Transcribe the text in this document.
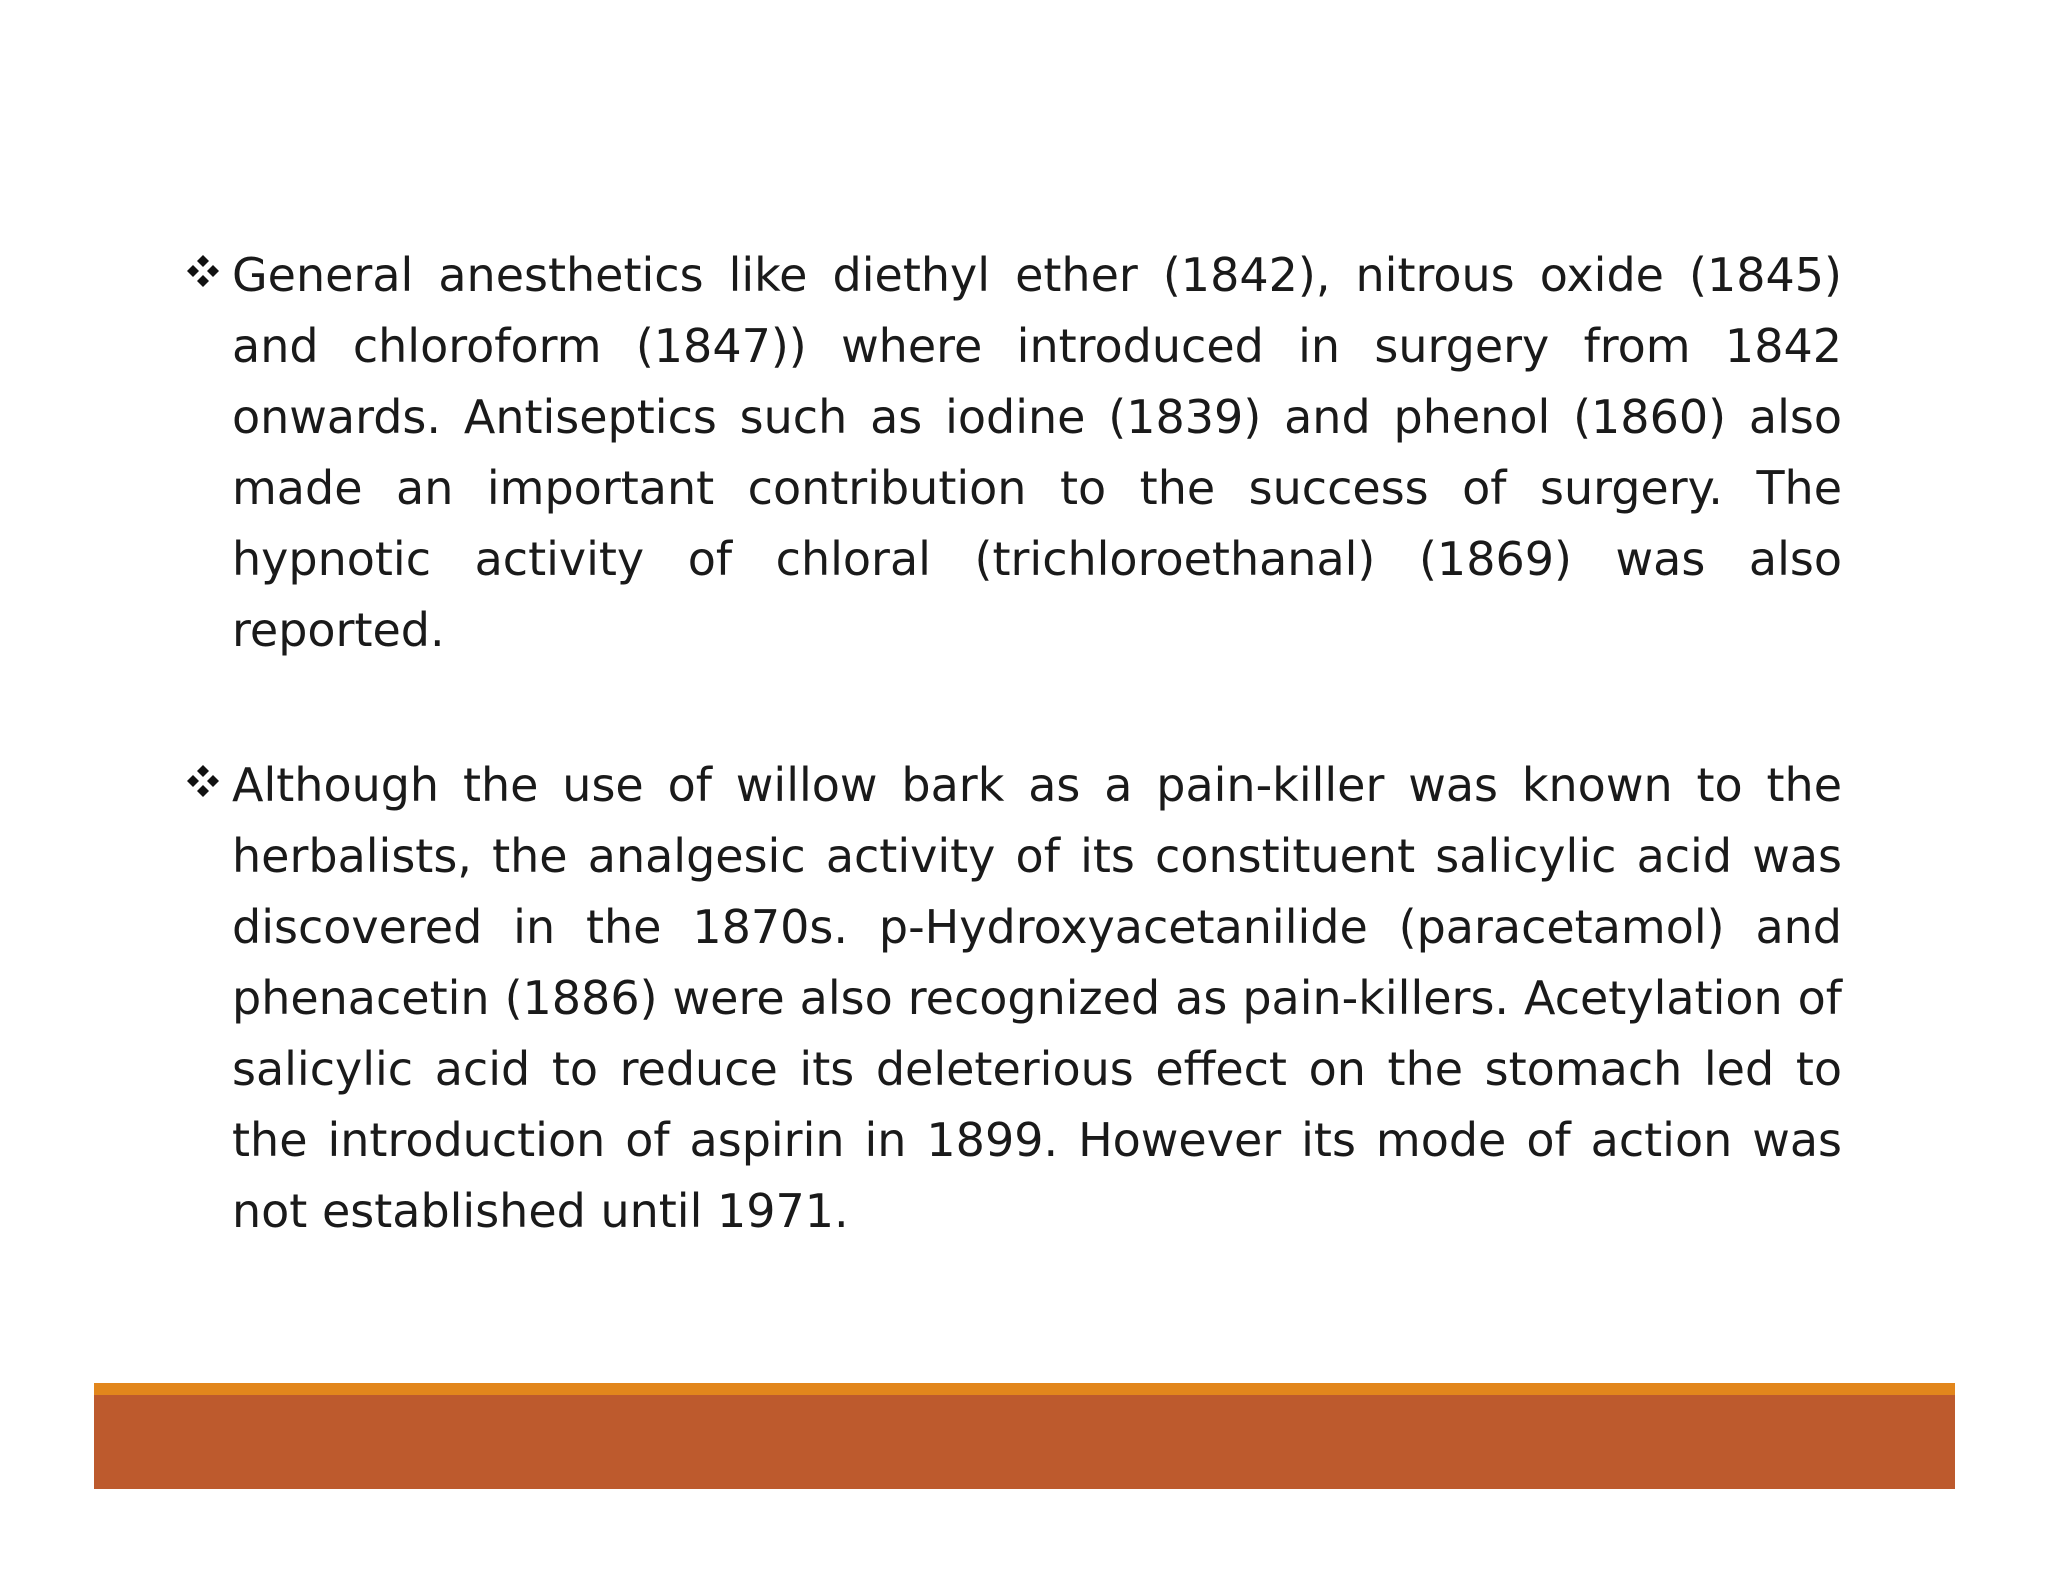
General anesthetics like diethyl ether (1842), nitrous oxide (1845) and chloroform (1847)) where introduced in surgery from 1842 onwards. Antiseptics such as iodine (1839) and phenol (1860) also made an important contribution to the success of surgery. The hypnotic activity of chloral (trichloroethanal) (1869) was also reported.
Although the use of willow bark as a pain-killer was known to the herbalists, the analgesic activity of its constituent salicylic acid was discovered in the 1870s. p-Hydroxyacetanilide (paracetamol) and phenacetin (1886) were also recognized as pain-killers. Acetylation of salicylic acid to reduce its deleterious effect on the stomach led to the introduction of aspirin in 1899. However its mode of action was not established until 1971.
